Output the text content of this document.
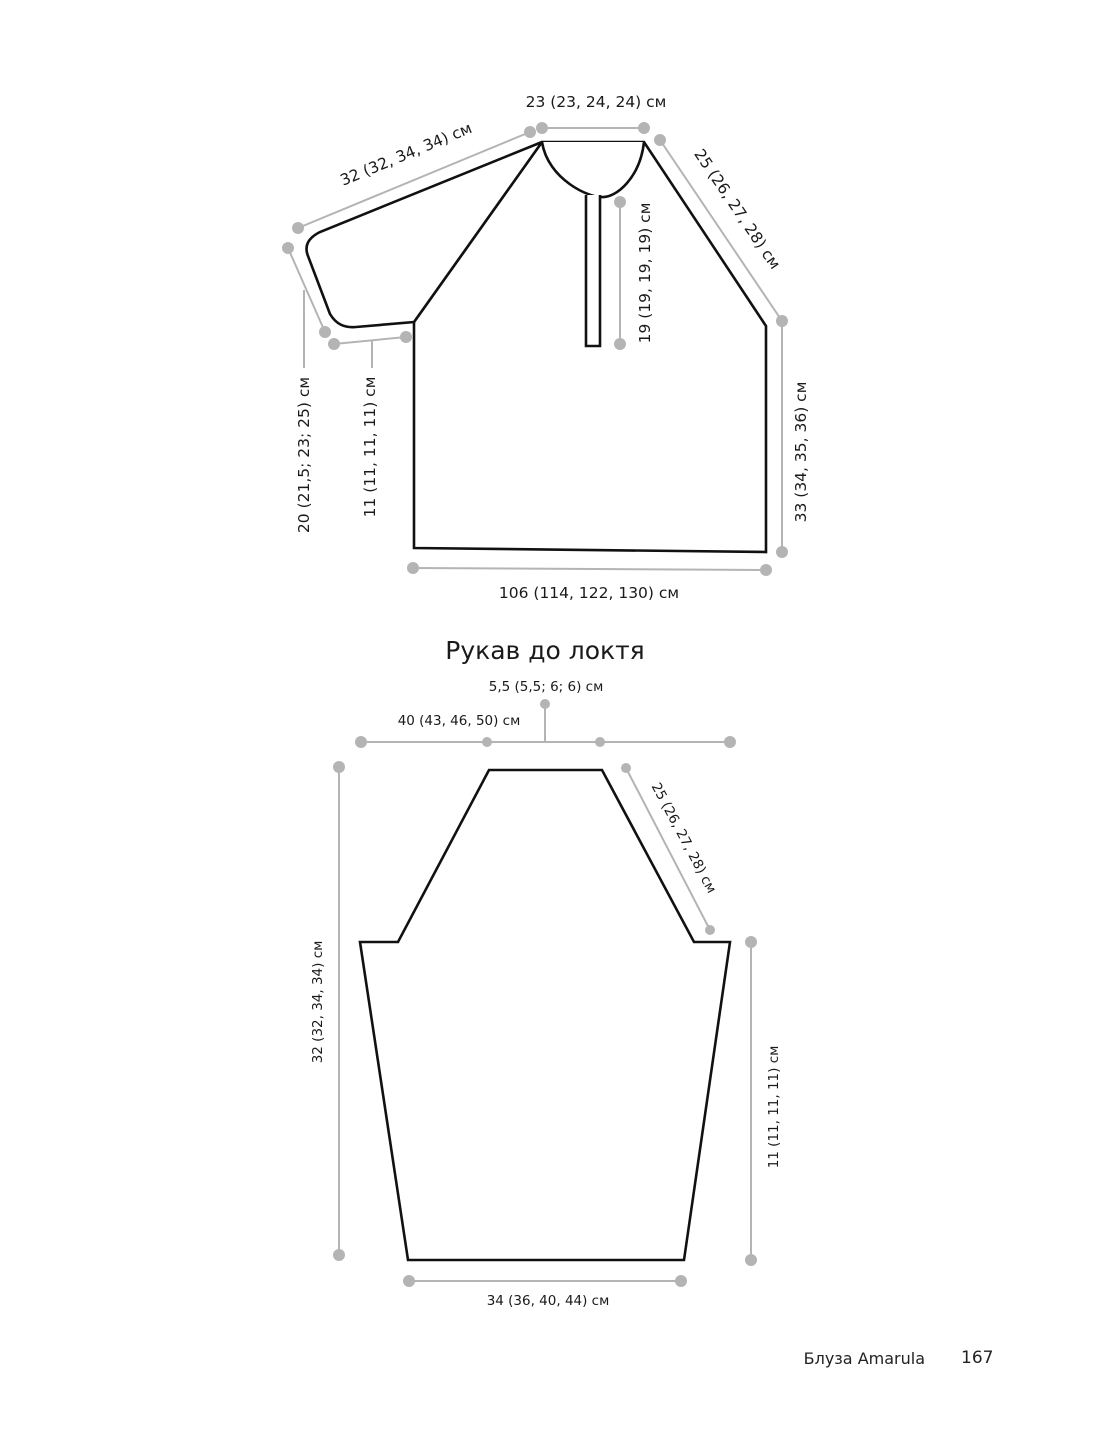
23 (23, 24, 24) см
32 (32, 34, 34) см	25 (26, 27, 28) см
19 (19, 19, 19) см
20 (21,5; 23; 25) см	11 (11, 11, 11) см	33 (34, 35, 36) см
106 (114, 122, 130) см
Рукав до локтя
5,5 (5,5; 6; 6) см
40 (43, 46, 50) см
25 (26, 27, 28) см
32 (32, 34, 34) см
11 (11, 11, 11) см
34 (36, 40, 44) см
Блуза Amarula 167
